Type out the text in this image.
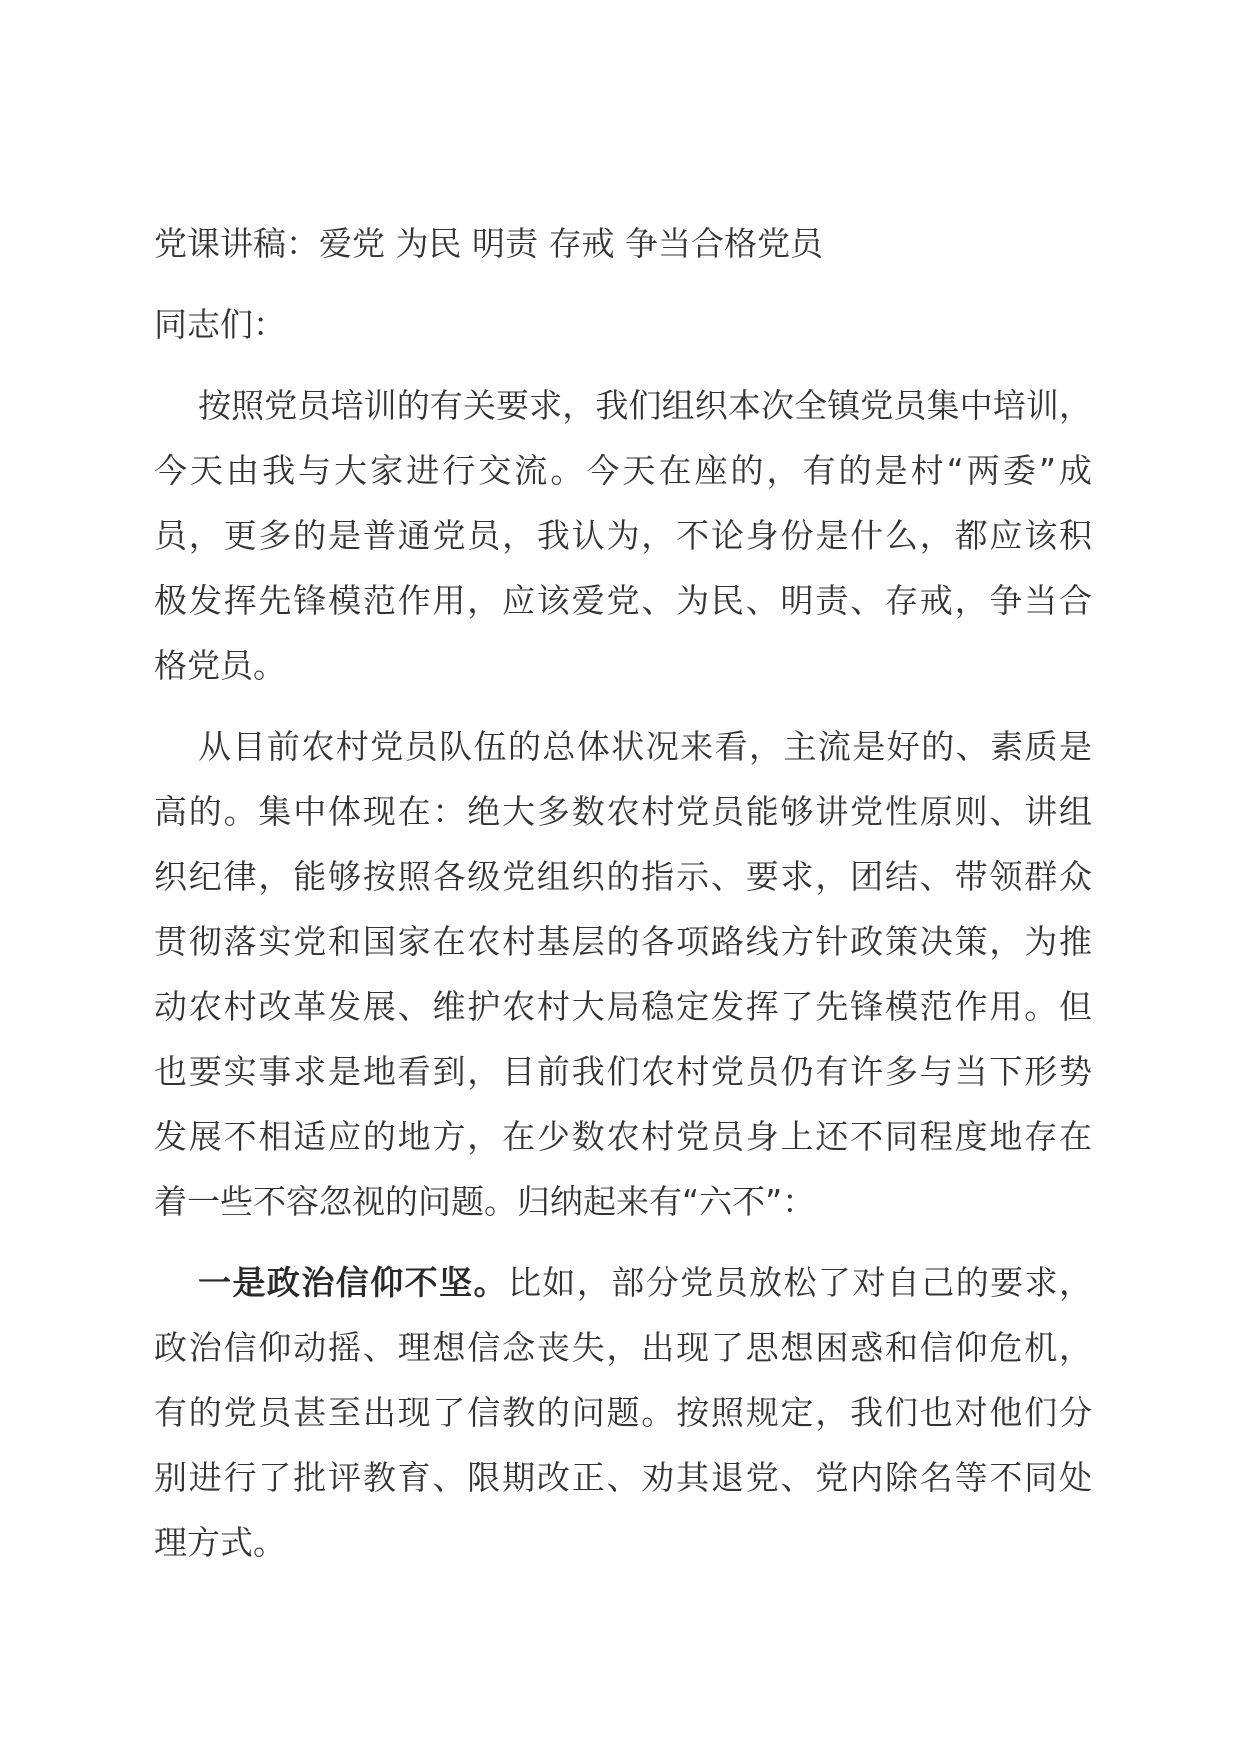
党课讲稿：爱党 为民 明责 存戒 争当合格党员
同志们：
按照党员培训的有关要求，我们组织本次全镇党员集中培训，
今天由我与大家进行交流。今天在座的，有的是村“两委”成
员，更多的是普通党员，我认为，不论身份是什么，都应该积
极发挥先锋模范作用，应该爱党、为民、明责、存戒，争当合
格党员。
从目前农村党员队伍的总体状况来看，主流是好的、素质是
高的。集中体现在：绝大多数农村党员能够讲党性原则、讲组
织纪律，能够按照各级党组织的指示、要求，团结、带领群众
贯彻落实党和国家在农村基层的各项路线方针政策决策，为推
动农村改革发展、维护农村大局稳定发挥了先锋模范作用。但
也要实事求是地看到，目前我们农村党员仍有许多与当下形势
发展不相适应的地方，在少数农村党员身上还不同程度地存在
着一些不容忽视的问题。归纳起来有“六不”：
一是政治信仰不坚。比如，部分党员放松了对自己的要求，
政治信仰动摇、理想信念丧失，出现了思想困惑和信仰危机，
有的党员甚至出现了信教的问题。按照规定，我们也对他们分
别进行了批评教育、限期改正、劝其退党、党内除名等不同处
理方式。
